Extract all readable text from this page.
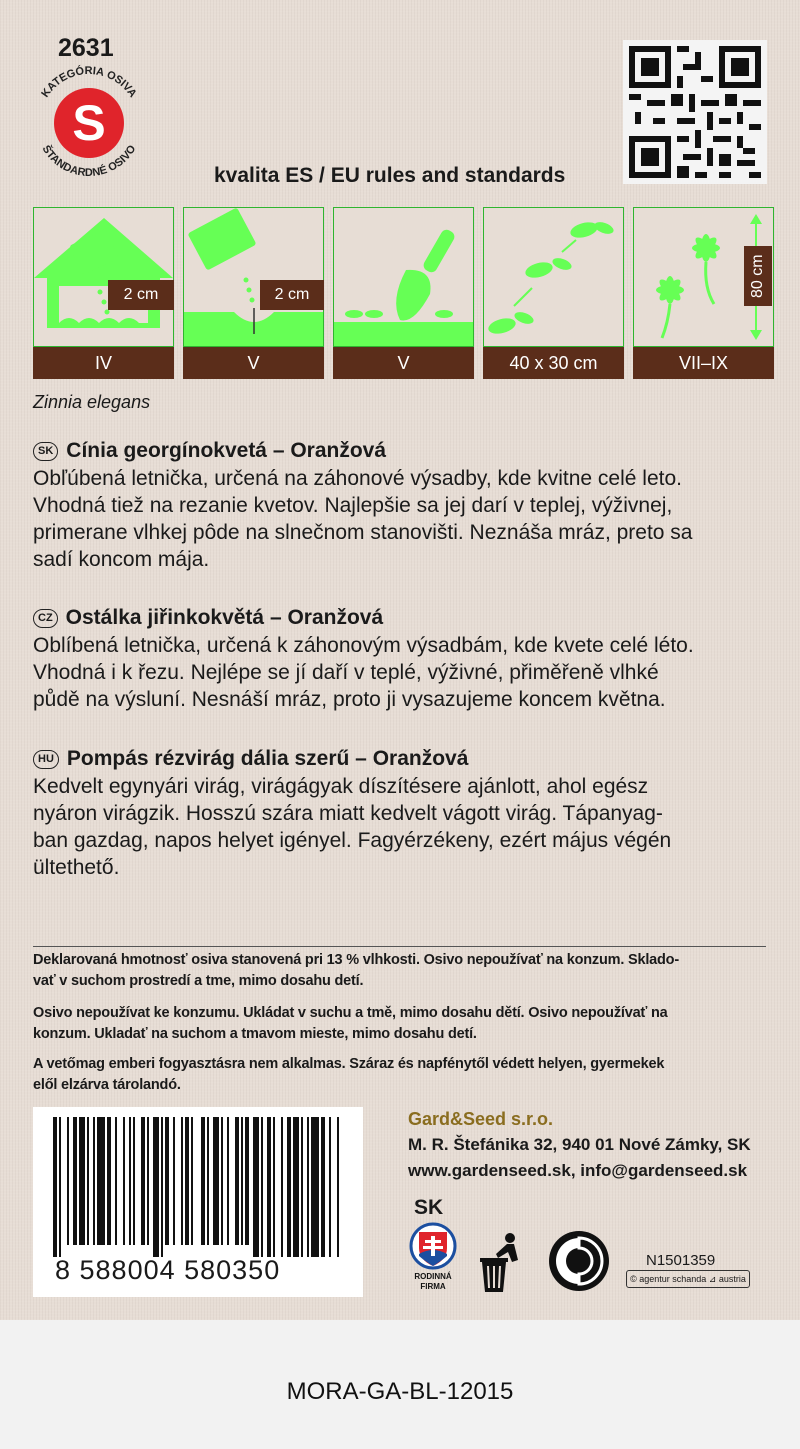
2631
KATEGÓRIA OSIVA
ŠTANDARDNÉ OSIVO
S
kvalita ES / EU rules and standards
2 cm
IV
2 cm
V	V	40 x 30 cm
80 cm
VII–IX
Zinnia elegans
SK Cínia georgínokvetá – Oranžová

Obľúbená letnička, určená na záhonové výsadby, kde kvitne celé leto.

Vhodná tiež na rezanie kvetov. Najlepšie sa jej darí v teplej, výživnej,

primerane vlhkej pôde na slnečnom stanovišti. Neznáša mráz, preto sa

sadí koncom mája.

CZ Ostálka jiřinkokvětá – Oranžová

Oblíbená letnička, určená k záhonovým výsadbám, kde kvete celé léto.

Vhodná i k řezu. Nejlépe se jí daří v teplé, výživné, přiměřeně vlhké

půdě na výsluní. Nesnáší mráz, proto ji vysazujeme koncem května.

HU Pompás rézvirág dália szerű – Oranžová

Kedvelt egynyári virág, virágágyak díszítésere ajánlott, ahol egész

nyáron virágzik. Hosszú szára miatt kedvelt vágott virág. Tápanyag-

ban gazdag, napos helyet igényel. Fagyérzékeny, ezért május végén

ültethető.

Deklarovaná hmotnosť osiva stanovená pri 13 % vlhkosti. Osivo nepoužívať na konzum. Sklado-
vať v suchom prostredí a tme, mimo dosahu detí.
Osivo nepoužívat ke konzumu. Ukládat v suchu a tmě, mimo dosahu dětí. Osivo nepoužívať na
konzum. Ukladať na suchom a tmavom mieste, mimo dosahu detí.
A vetőmag emberi fogyasztásra nem alkalmas. Száraz és napfénytől védett helyen, gyermekek
elől elzárva tárolandó.
8 588004 580350
Gard&Seed s.r.o.
M. R. Štefánika 32, 940 01 Nové Zámky, SK
www.gardenseed.sk, info@gardenseed.sk
SK
RODINNÁ
FIRMA
N1501359
© agentur schanda ⊿ austria
MORA-GA-BL-12015
